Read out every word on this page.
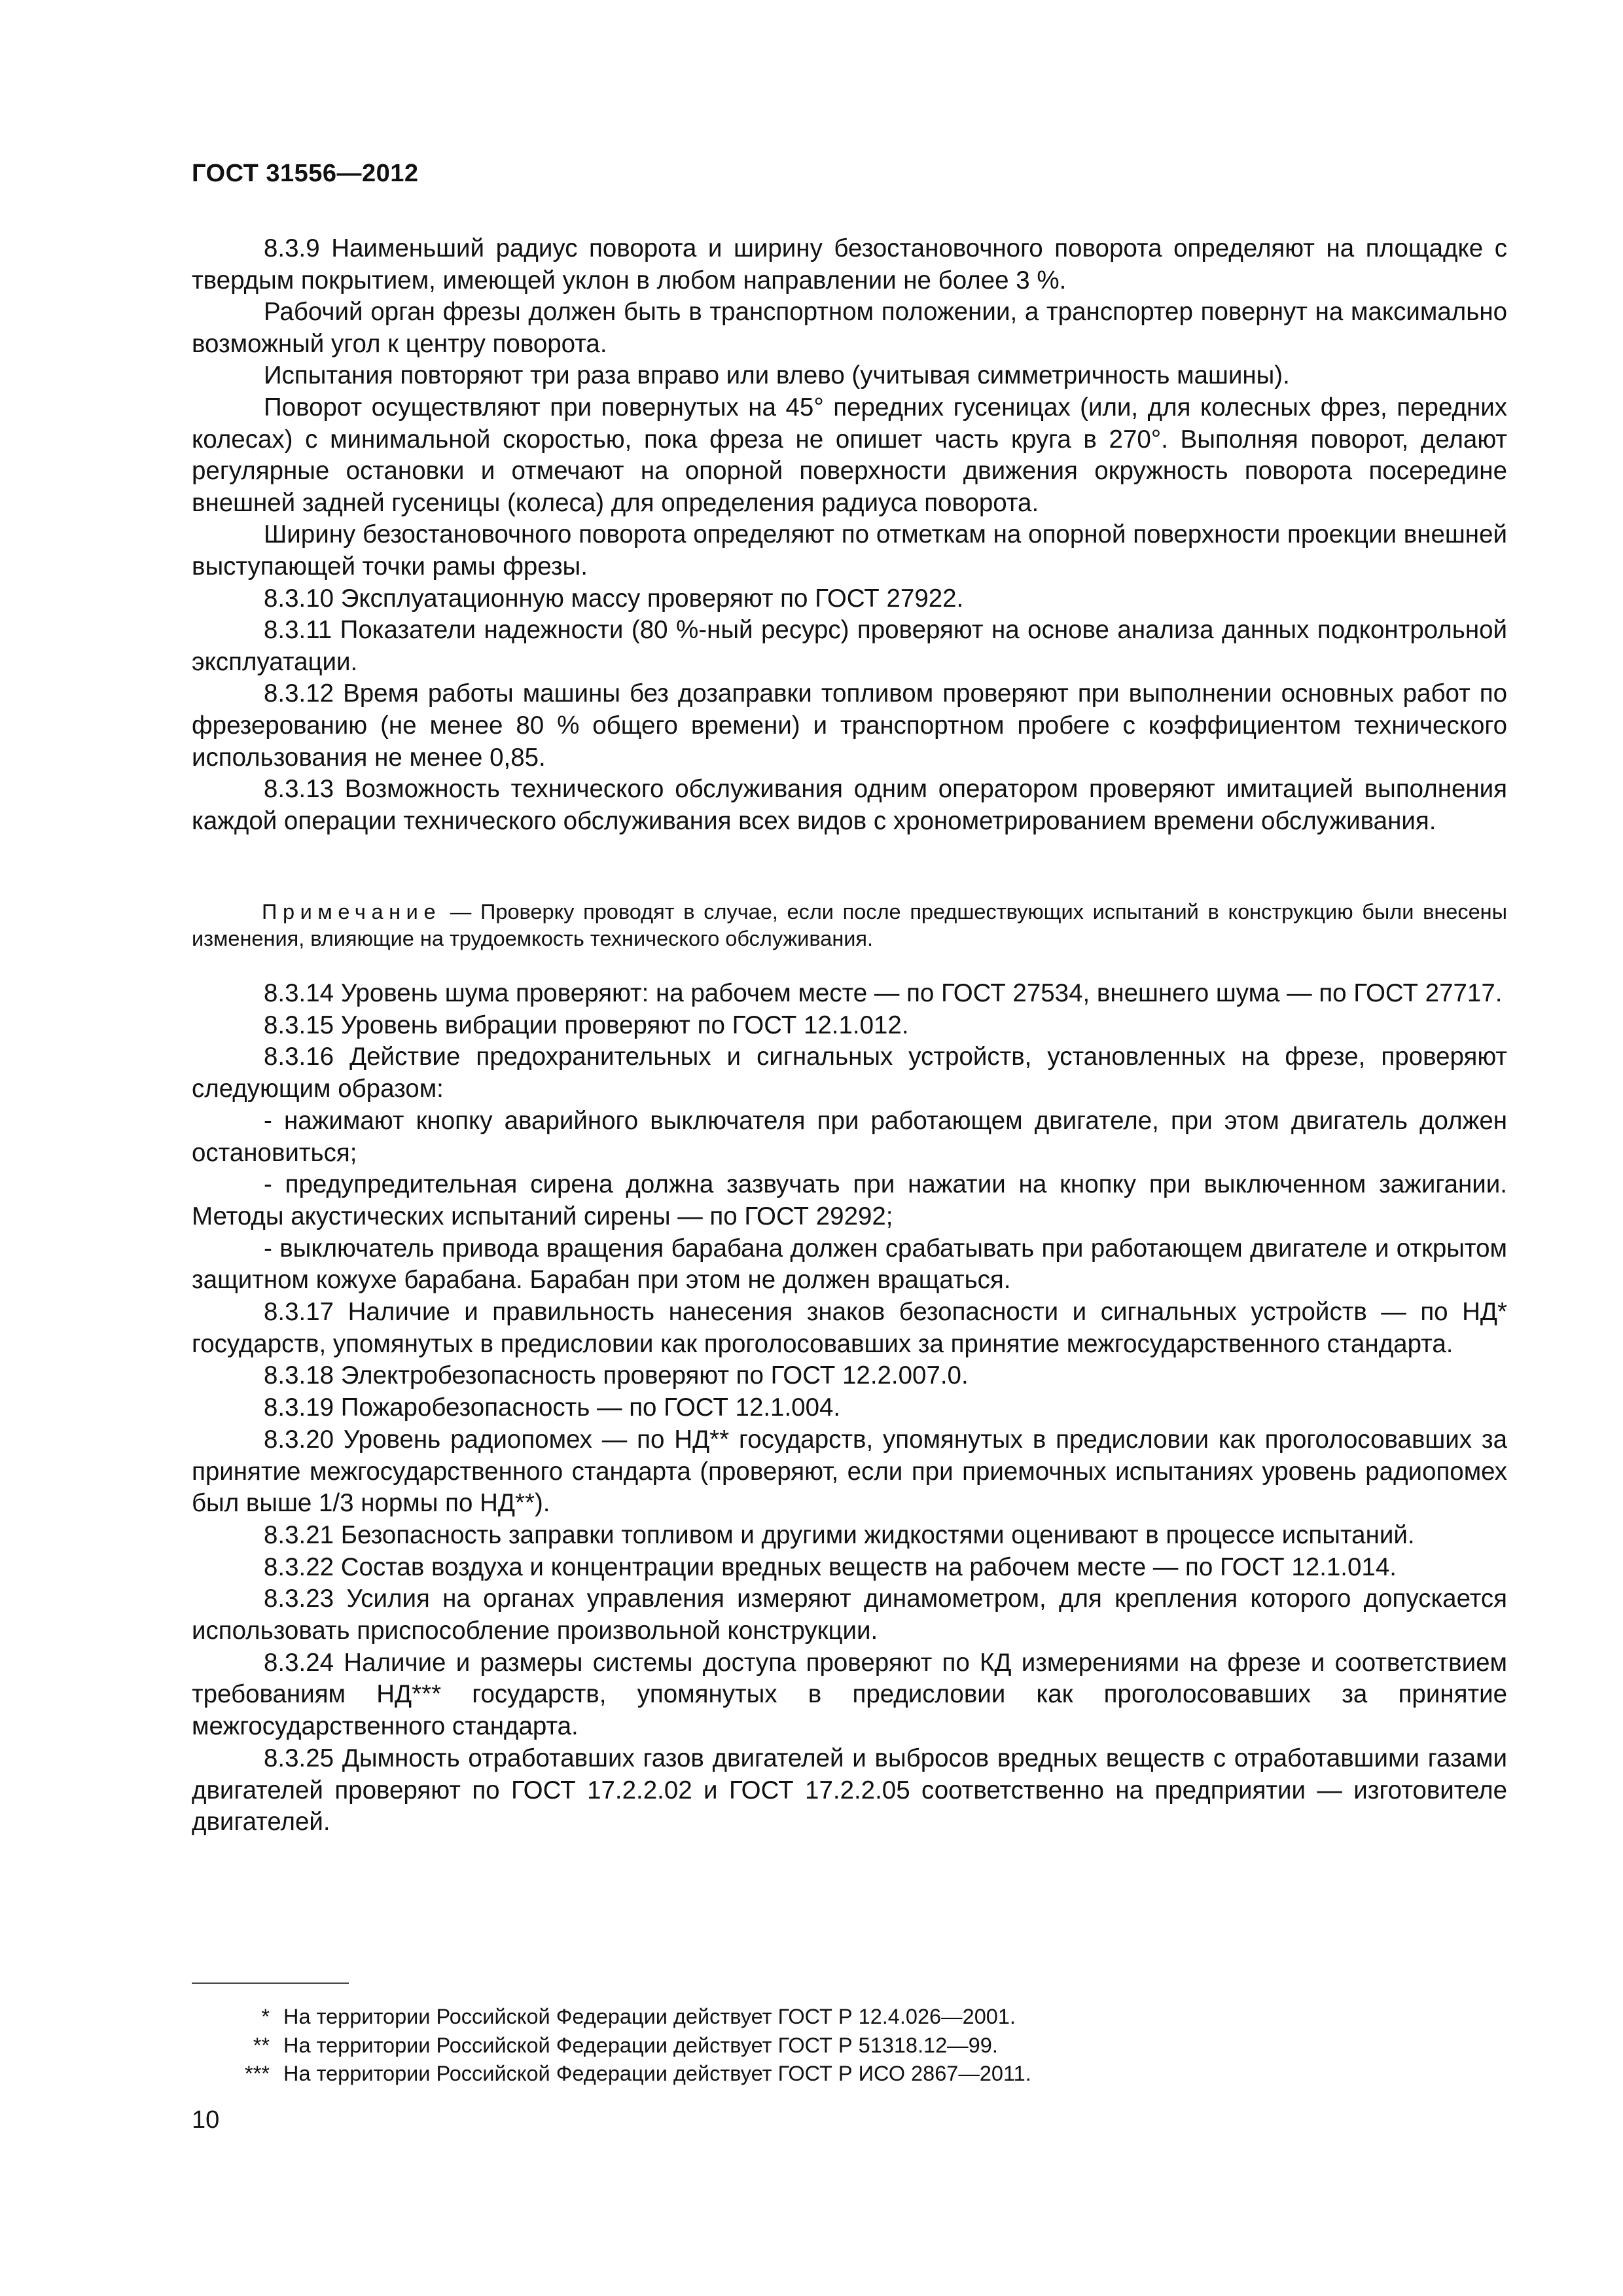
ГОСТ 31556—2012

8.3.9 Наименьший радиус поворота и ширину безостановочного поворота определяют на площадке с твердым покрытием, имеющей уклон в любом направлении не более 3 %.

Рабочий орган фрезы должен быть в транспортном положении, а транспортер повернут на максимально возможный угол к центру поворота.

Испытания повторяют три раза вправо или влево (учитывая симметричность машины).

Поворот осуществляют при повернутых на 45° передних гусеницах (или, для колесных фрез, передних колесах) с минимальной скоростью, пока фреза не опишет часть круга в 270°. Выполняя поворот, делают регулярные остановки и отмечают на опорной поверхности движения окружность поворота посередине внешней задней гусеницы (колеса) для определения радиуса поворота.

Ширину безостановочного поворота определяют по отметкам на опорной поверхности проекции внешней выступающей точки рамы фрезы.

8.3.10 Эксплуатационную массу проверяют по ГОСТ 27922.

8.3.11 Показатели надежности (80 %-ный ресурс) проверяют на основе анализа данных подконтрольной эксплуатации.

8.3.12 Время работы машины без дозаправки топливом проверяют при выполнении основных работ по фрезерованию (не менее 80 % общего времени) и транспортном пробеге с коэффициентом технического использования не менее 0,85.

8.3.13 Возможность технического обслуживания одним оператором проверяют имитацией выполнения каждой операции технического обслуживания всех видов с хронометрированием времени обслуживания.

Примечание — Проверку проводят в случае, если после предшествующих испытаний в конструкцию были внесены изменения, влияющие на трудоемкость технического обслуживания.

8.3.14 Уровень шума проверяют: на рабочем месте — по ГОСТ 27534, внешнего шума — по ГОСТ 27717.

8.3.15 Уровень вибрации проверяют по ГОСТ 12.1.012.

8.3.16 Действие предохранительных и сигнальных устройств, установленных на фрезе, проверяют следующим образом:

- нажимают кнопку аварийного выключателя при работающем двигателе, при этом двигатель должен остановиться;

- предупредительная сирена должна зазвучать при нажатии на кнопку при выключенном зажигании. Методы акустических испытаний сирены — по ГОСТ 29292;

- выключатель привода вращения барабана должен срабатывать при работающем двигателе и открытом защитном кожухе барабана. Барабан при этом не должен вращаться.

8.3.17 Наличие и правильность нанесения знаков безопасности и сигнальных устройств — по НД* государств, упомянутых в предисловии как проголосовавших за принятие межгосударственного стандарта.

8.3.18 Электробезопасность проверяют по ГОСТ 12.2.007.0.

8.3.19 Пожаробезопасность — по ГОСТ 12.1.004.

8.3.20 Уровень радиопомех — по НД** государств, упомянутых в предисловии как проголосовавших за принятие межгосударственного стандарта (проверяют, если при приемочных испытаниях уровень радиопомех был выше 1/3 нормы по НД**).

8.3.21 Безопасность заправки топливом и другими жидкостями оценивают в процессе испытаний.

8.3.22 Состав воздуха и концентрации вредных веществ на рабочем месте — по ГОСТ 12.1.014.

8.3.23 Усилия на органах управления измеряют динамометром, для крепления которого допускается использовать приспособление произвольной конструкции.

8.3.24 Наличие и размеры системы доступа проверяют по КД измерениями на фрезе и соответствием требованиям НД*** государств, упомянутых в предисловии как проголосовавших за принятие межгосударственного стандарта.

8.3.25 Дымность отработавших газов двигателей и выбросов вредных веществ с отработавшими газами двигателей проверяют по ГОСТ 17.2.2.02 и ГОСТ 17.2.2.05 соответственно на предприятии — изготовителе двигателей.

* На территории Российской Федерации действует ГОСТ Р 12.4.026—2001.

** На территории Российской Федерации действует ГОСТ Р 51318.12—99.

*** На территории Российской Федерации действует ГОСТ Р ИСО 2867—2011.

10
